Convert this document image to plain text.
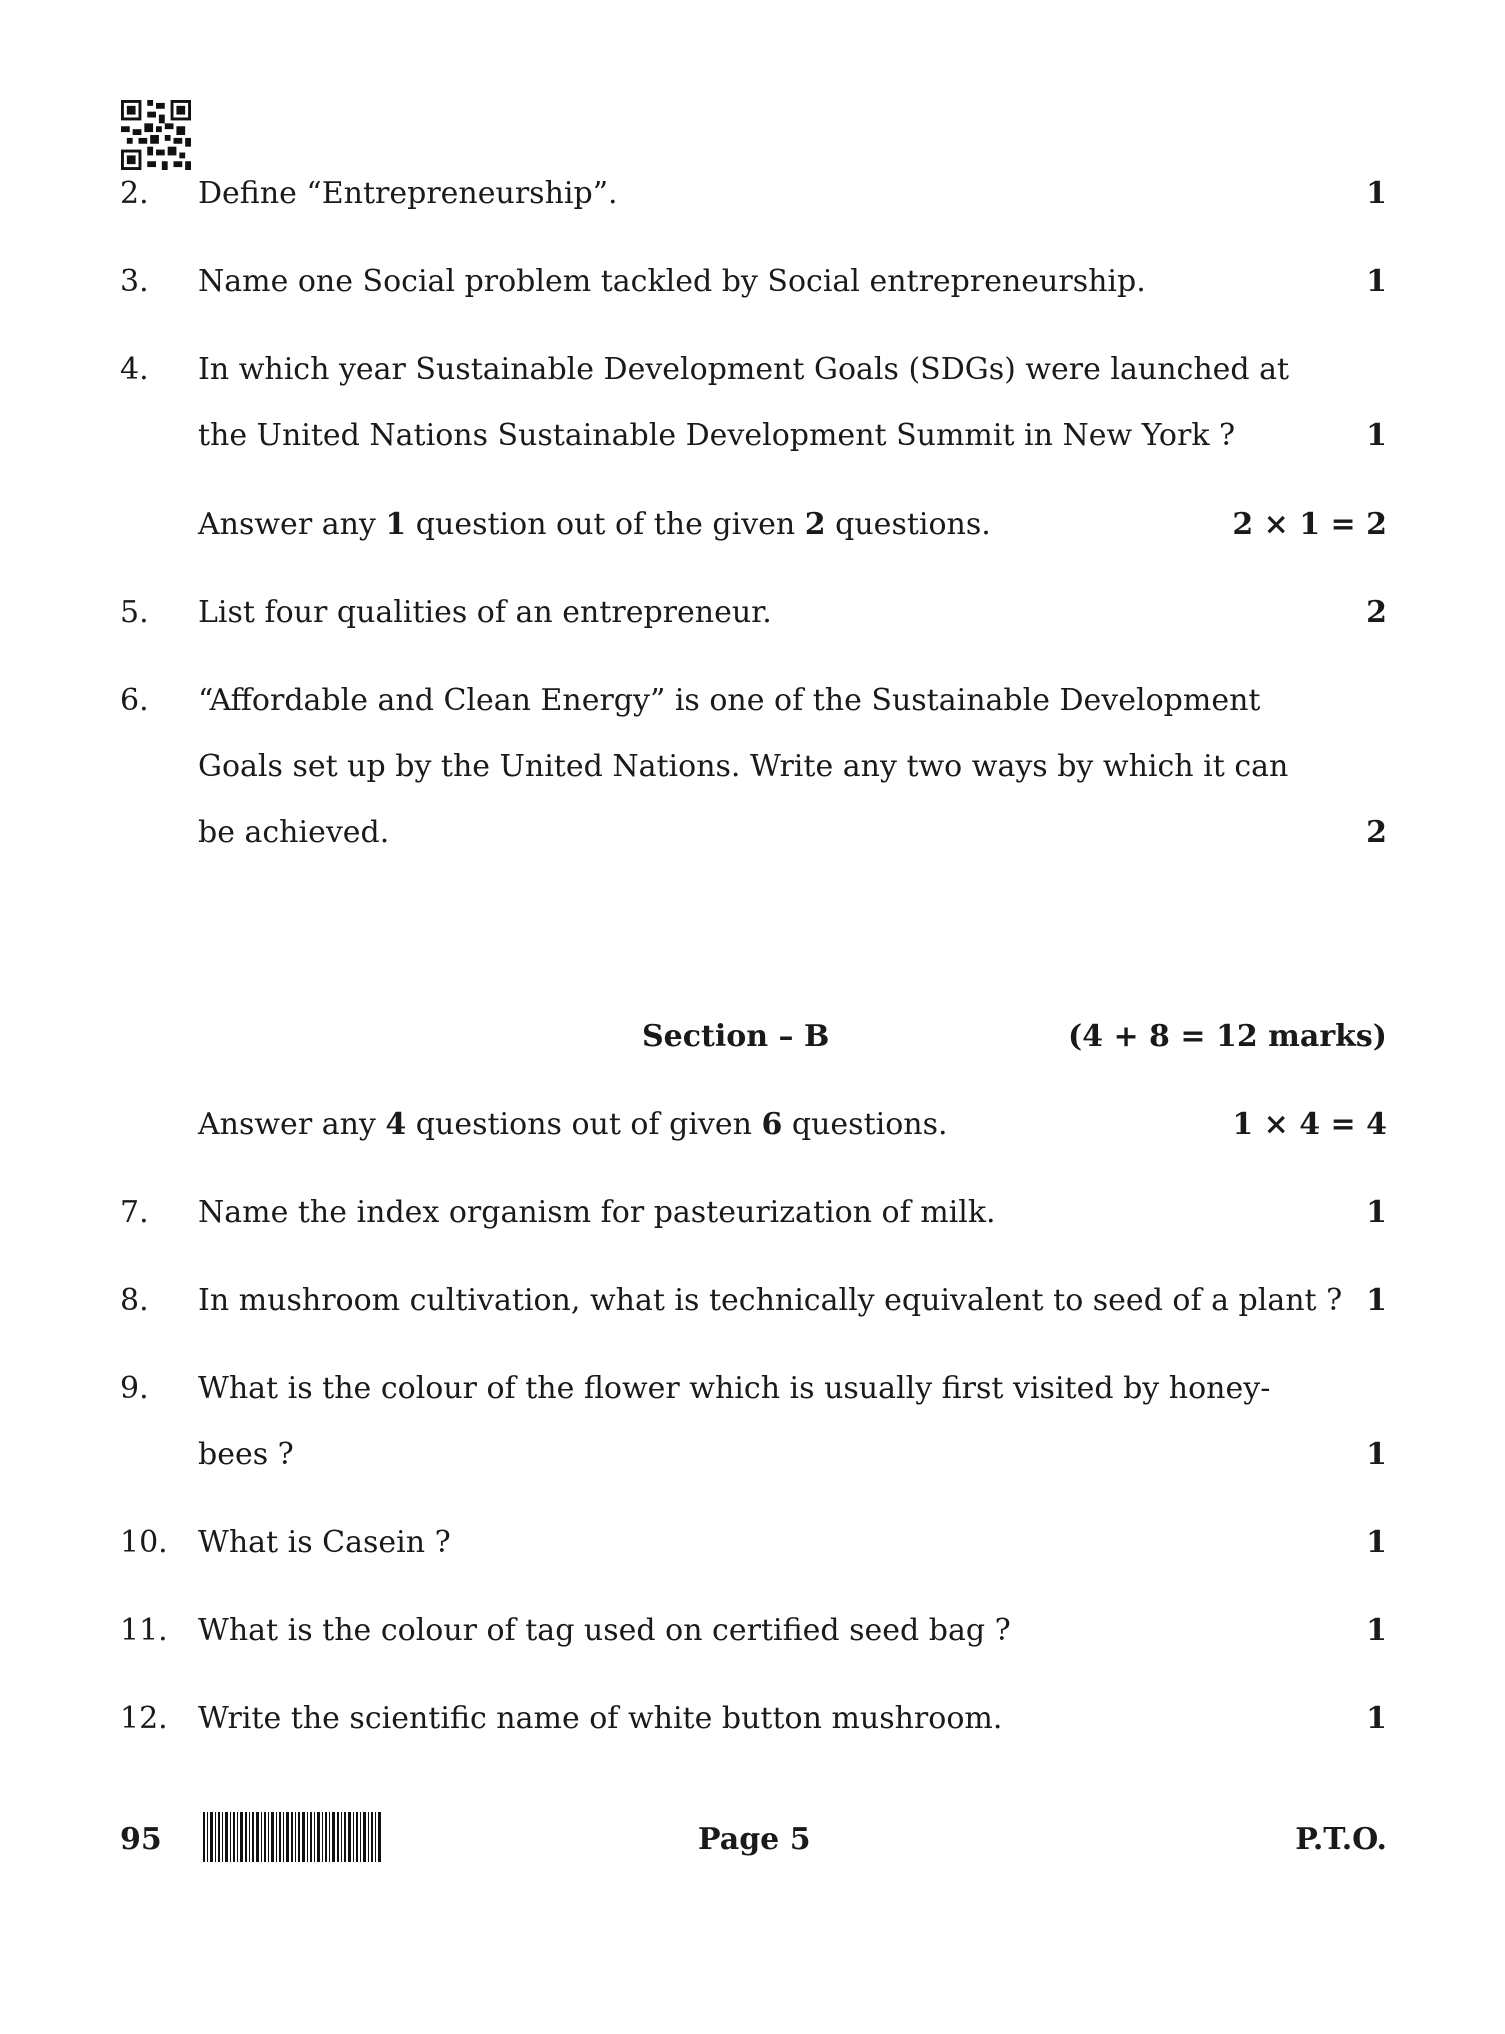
2. Define “Entrepreneurship”.	1
3. Name one Social problem tackled by Social entrepreneurship.	1
4. In which year Sustainable Development Goals (SDGs) were launched at
the United Nations Sustainable Development Summit in New York ?	1
Answer any 1 question out of the given 2 questions.	2 × 1 = 2
5. List four qualities of an entrepreneur.	2
6. “Affordable and Clean Energy” is one of the Sustainable Development
Goals set up by the United Nations. Write any two ways by which it can
be achieved.	2
Section – B	(4 + 8 = 12 marks)
Answer any 4 questions out of given 6 questions.	1 × 4 = 4
7. Name the index organism for pasteurization of milk.	1
8. In mushroom cultivation, what is technically equivalent to seed of a plant ? 1
9. What is the colour of the flower which is usually first visited by honey-
bees ?	1
10. What is Casein ?	1
11. What is the colour of tag used on certified seed bag ?	1
12. Write the scientific name of white button mushroom.	1
95	Page 5	P.T.O.
